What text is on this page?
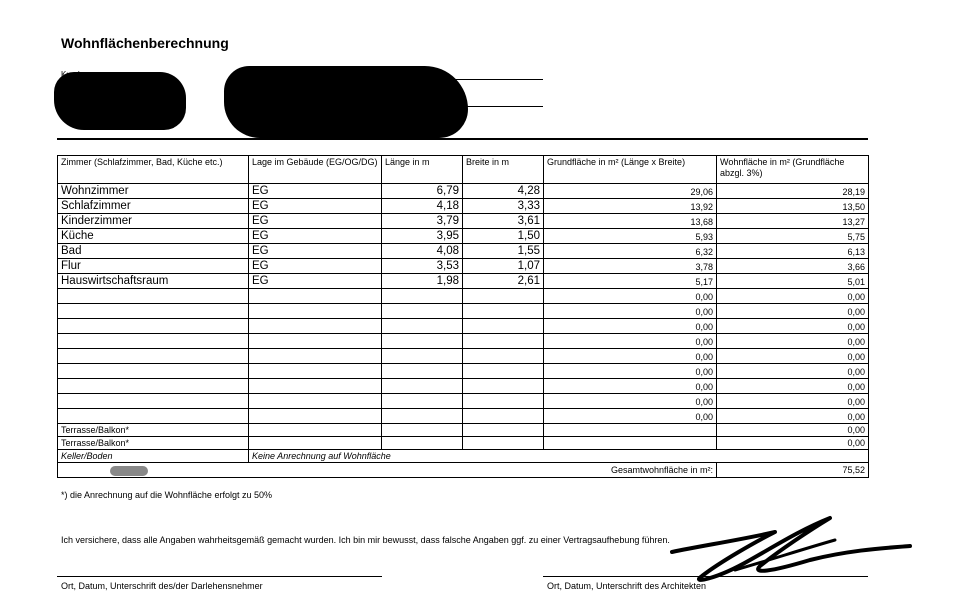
Wohnflächenberechnung
Zimmer (Schlafzimmer, Bad, Küche etc.)	Lage im Gebäude (EG/OG/DG)	Länge in m	Breite in m	Grundfläche in m² (Länge x Breite)	Wohnfläche in m² (Grundfläche abzgl. 3%)
Wohnzimmer	EG	6,79	4,28	29,06	28,19
Schlafzimmer	EG	4,18	3,33	13,92	13,50
Kinderzimmer	EG	3,79	3,61	13,68	13,27
Küche	EG	3,95	1,50	5,93	5,75
Bad	EG	4,08	1,55	6,32	6,13
Flur	EG	3,53	1,07	3,78	3,66
Hauswirtschaftsraum	EG	1,98	2,61	5,17	5,01
				0,00	0,00
				0,00	0,00
				0,00	0,00
				0,00	0,00
				0,00	0,00
				0,00	0,00
				0,00	0,00
				0,00	0,00
				0,00	0,00
Terrasse/Balkon*					0,00
Terrasse/Balkon*					0,00
Keller/Boden	Keine Anrechnung auf Wohnfläche				
Gesamtwohnfläche in m²:					75,52
*) die Anrechnung auf die Wohnfläche erfolgt zu 50%
Ich versichere, dass alle Angaben wahrheitsgemäß gemacht wurden. Ich bin mir bewusst, dass falsche Angaben ggf. zu einer Vertragsaufhebung führen.
Ort, Datum, Unterschrift des/der Darlehensnehmer	Ort, Datum, Unterschrift des Architekten
